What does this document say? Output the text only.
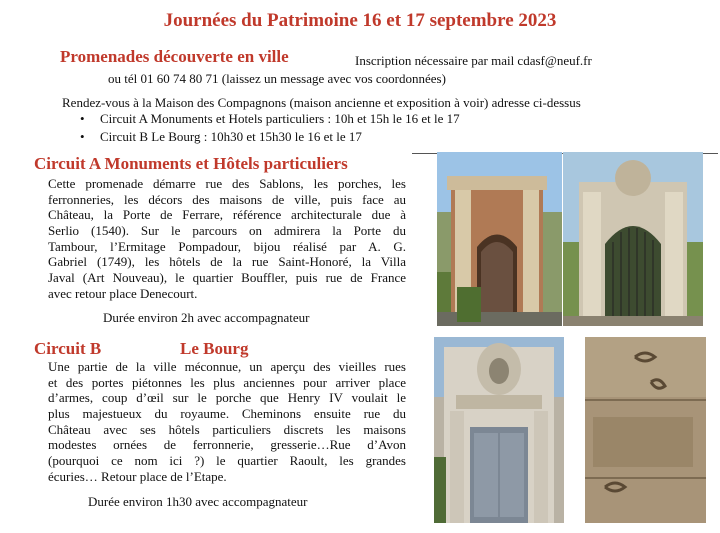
Journées du Patrimoine 16 et 17 septembre 2023
Promenades découverte en ville	Inscription nécessaire par mail cdasf@neuf.fr
ou tél 01 60 74 80 71 (laissez un message avec vos coordonnées)
Rendez-vous à la Maison des Compagnons (maison ancienne et exposition à voir) adresse ci-dessus
• Circuit A Monuments et Hotels particuliers : 10h et 15h le 16 et le 17
• Circuit B Le Bourg : 10h30 et 15h30 le 16 et le 17
Circuit A Monuments et Hôtels particuliers
Cette promenade démarre rue des Sablons, les porches, les
ferronneries, les décors des maisons de ville, puis face au
Château, la Porte de Ferrare, référence architecturale due à
Serlio (1540). Sur le parcours on admirera la Porte du
Tambour, l’Ermitage Pompadour, bijou réalisé par A. G.
Gabriel (1749), les hôtels de la rue Saint-Honoré, la Villa
Javal (Art Nouveau), le quartier Bouffler, puis rue de France
avec retour place Denecourt.
Durée environ 2h avec accompagnateur
Circuit B	Le Bourg
Une partie de la ville méconnue, un aperçu des vieilles rues
et des portes piétonnes les plus anciennes pour arriver place
d’armes, coup d’œil sur le porche que Henry IV voulait le
plus majestueux du royaume. Cheminons ensuite rue du
Château avec ses hôtels particuliers discrets les maisons
modestes ornées de ferronnerie, gresserie…Rue d’Avon
(pourquoi ce nom ici ?) le quartier Raoult, les grandes
écuries… Retour place de l’Etape.
Durée environ 1h30 avec accompagnateur
